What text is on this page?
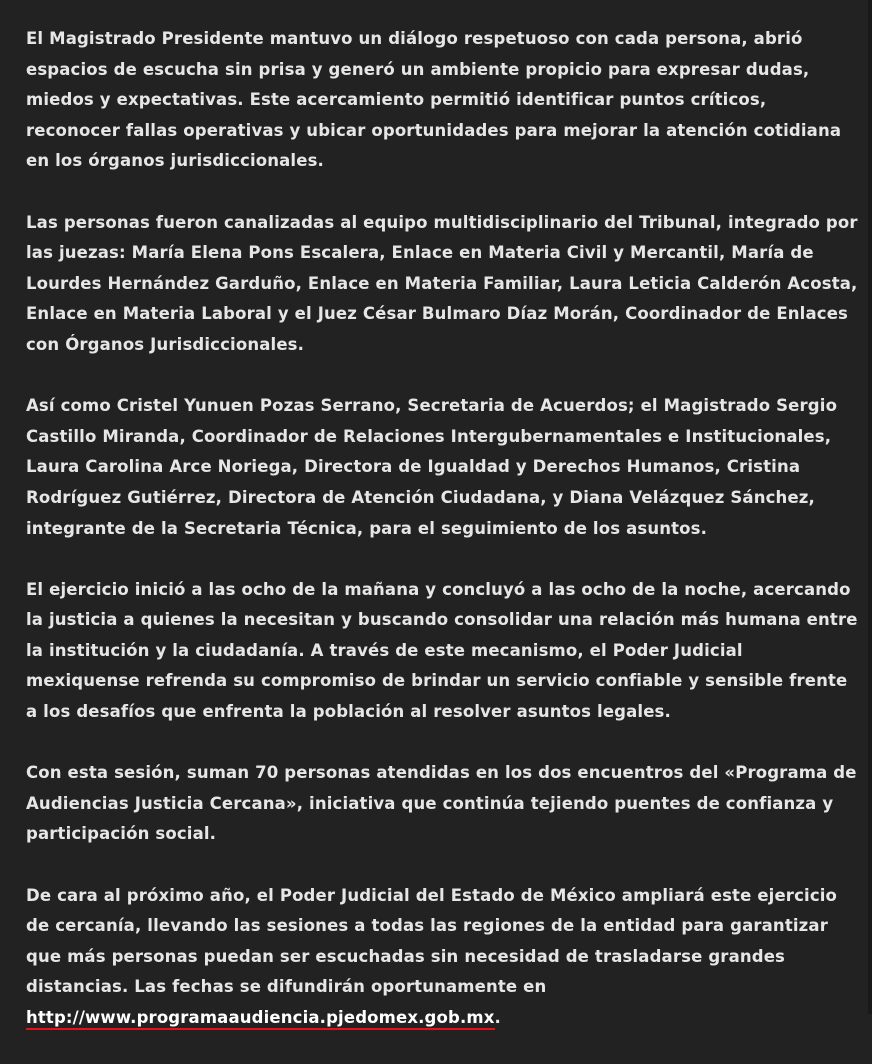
El Magistrado Presidente mantuvo un diálogo respetuoso con cada persona, abrió espacios de escucha sin prisa y generó un ambiente propicio para expresar dudas, miedos y expectativas. Este acercamiento permitió identificar puntos críticos, reconocer fallas operativas y ubicar oportunidades para mejorar la atención cotidiana en los órganos jurisdiccionales.

Las personas fueron canalizadas al equipo multidisciplinario del Tribunal, integrado por las juezas: María Elena Pons Escalera, Enlace en Materia Civil y Mercantil, María de Lourdes Hernández Garduño, Enlace en Materia Familiar, Laura Leticia Calderón Acosta, Enlace en Materia Laboral y el Juez César Bulmaro Díaz Morán, Coordinador de Enlaces con Órganos Jurisdiccionales.

Así como Cristel Yunuen Pozas Serrano, Secretaria de Acuerdos; el Magistrado Sergio Castillo Miranda, Coordinador de Relaciones Intergubernamentales e Institucionales, Laura Carolina Arce Noriega, Directora de Igualdad y Derechos Humanos, Cristina Rodríguez Gutiérrez, Directora de Atención Ciudadana, y Diana Velázquez Sánchez, integrante de la Secretaria Técnica, para el seguimiento de los asuntos.

El ejercicio inició a las ocho de la mañana y concluyó a las ocho de la noche, acercando la justicia a quienes la necesitan y buscando consolidar una relación más humana entre la institución y la ciudadanía. A través de este mecanismo, el Poder Judicial mexiquense refrenda su compromiso de brindar un servicio confiable y sensible frente a los desafíos que enfrenta la población al resolver asuntos legales.

Con esta sesión, suman 70 personas atendidas en los dos encuentros del «Programa de Audiencias Justicia Cercana», iniciativa que continúa tejiendo puentes de confianza y participación social.

De cara al próximo año, el Poder Judicial del Estado de México ampliará este ejercicio de cercanía, llevando las sesiones a todas las regiones de la entidad para garantizar que más personas puedan ser escuchadas sin necesidad de trasladarse grandes distancias. Las fechas se difundirán oportunamente en http://www.programaaudiencia.pjedomex.gob.mx.
